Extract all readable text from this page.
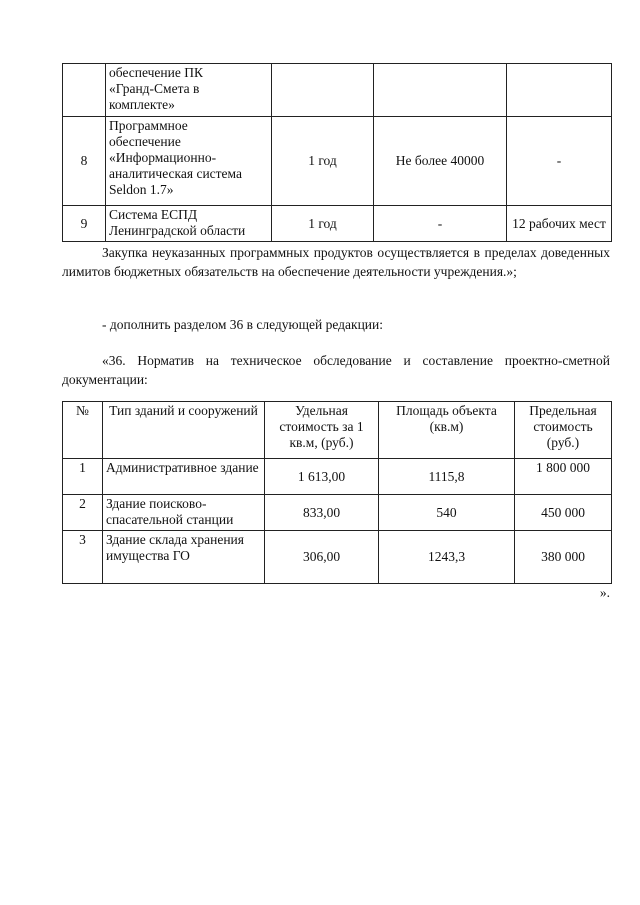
	обеспечение ПК
«Гранд-Смета в
комплекте»			

8	Программное
обеспечение
«Информационно-
аналитическая система
Seldon 1.7»	1 год	Не более 40000	-
9	Система ЕСПД
Ленинградской области	1 год	-	12 рабочих мест
Закупка неуказанных программных продуктов осуществляется в пределах доведенных лимитов бюджетных обязательств на обеспечение деятельности учреждения.»;
- дополнить разделом 36 в следующей редакции:
«36. Норматив на техническое обследование и составление проектно-сметной документации:
№	Тип зданий и сооружений	Удельная стоимость за 1 кв.м, (руб.)	Площадь объекта (кв.м)	Предельная стоимость (руб.)
1	Административное здание	1 613,00	1115,8	1 800 000
2	Здание поисково-спасательной станции	833,00	540	450 000
3	Здание склада хранения имущества ГО	306,00	1243,3	380 000
».
